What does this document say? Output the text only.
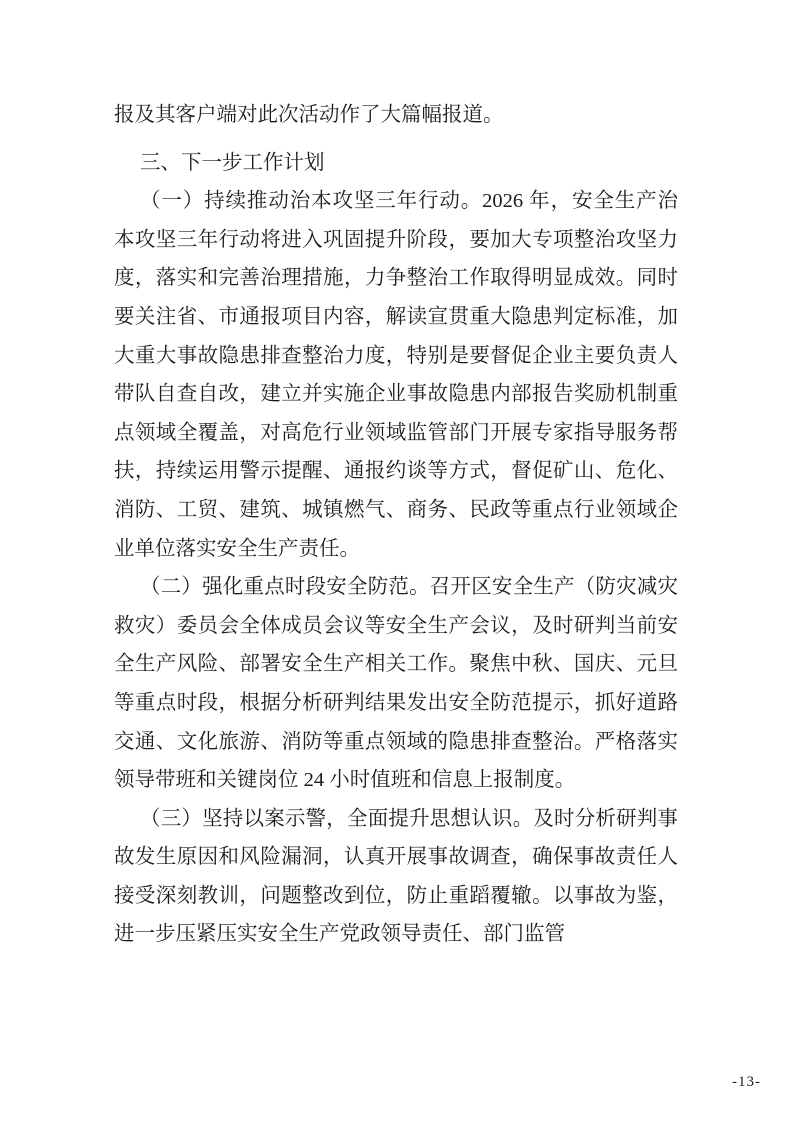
报及其客户端对此次活动作了大篇幅报道。

三、下一步工作计划

（一）持续推动治本攻坚三年行动。2026 年，安全生产治本攻坚三年行动将进入巩固提升阶段，要加大专项整治攻坚力度，落实和完善治理措施，力争整治工作取得明显成效。同时要关注省、市通报项目内容，解读宣贯重大隐患判定标准，加大重大事故隐患排查整治力度，特别是要督促企业主要负责人带队自查自改，建立并实施企业事故隐患内部报告奖励机制重点领域全覆盖，对高危行业领域监管部门开展专家指导服务帮扶，持续运用警示提醒、通报约谈等方式，督促矿山、危化、消防、工贸、建筑、城镇燃气、商务、民政等重点行业领域企业单位落实安全生产责任。

（二）强化重点时段安全防范。召开区安全生产（防灾减灾救灾）委员会全体成员会议等安全生产会议，及时研判当前安全生产风险、部署安全生产相关工作。聚焦中秋、国庆、元旦等重点时段，根据分析研判结果发出安全防范提示，抓好道路交通、文化旅游、消防等重点领域的隐患排查整治。严格落实领导带班和关键岗位 24 小时值班和信息上报制度。

（三）坚持以案示警，全面提升思想认识。及时分析研判事故发生原因和风险漏洞，认真开展事故调查，确保事故责任人接受深刻教训，问题整改到位，防止重蹈覆辙。以事故为鉴，进一步压紧压实安全生产党政领导责任、部门监管

-13-
